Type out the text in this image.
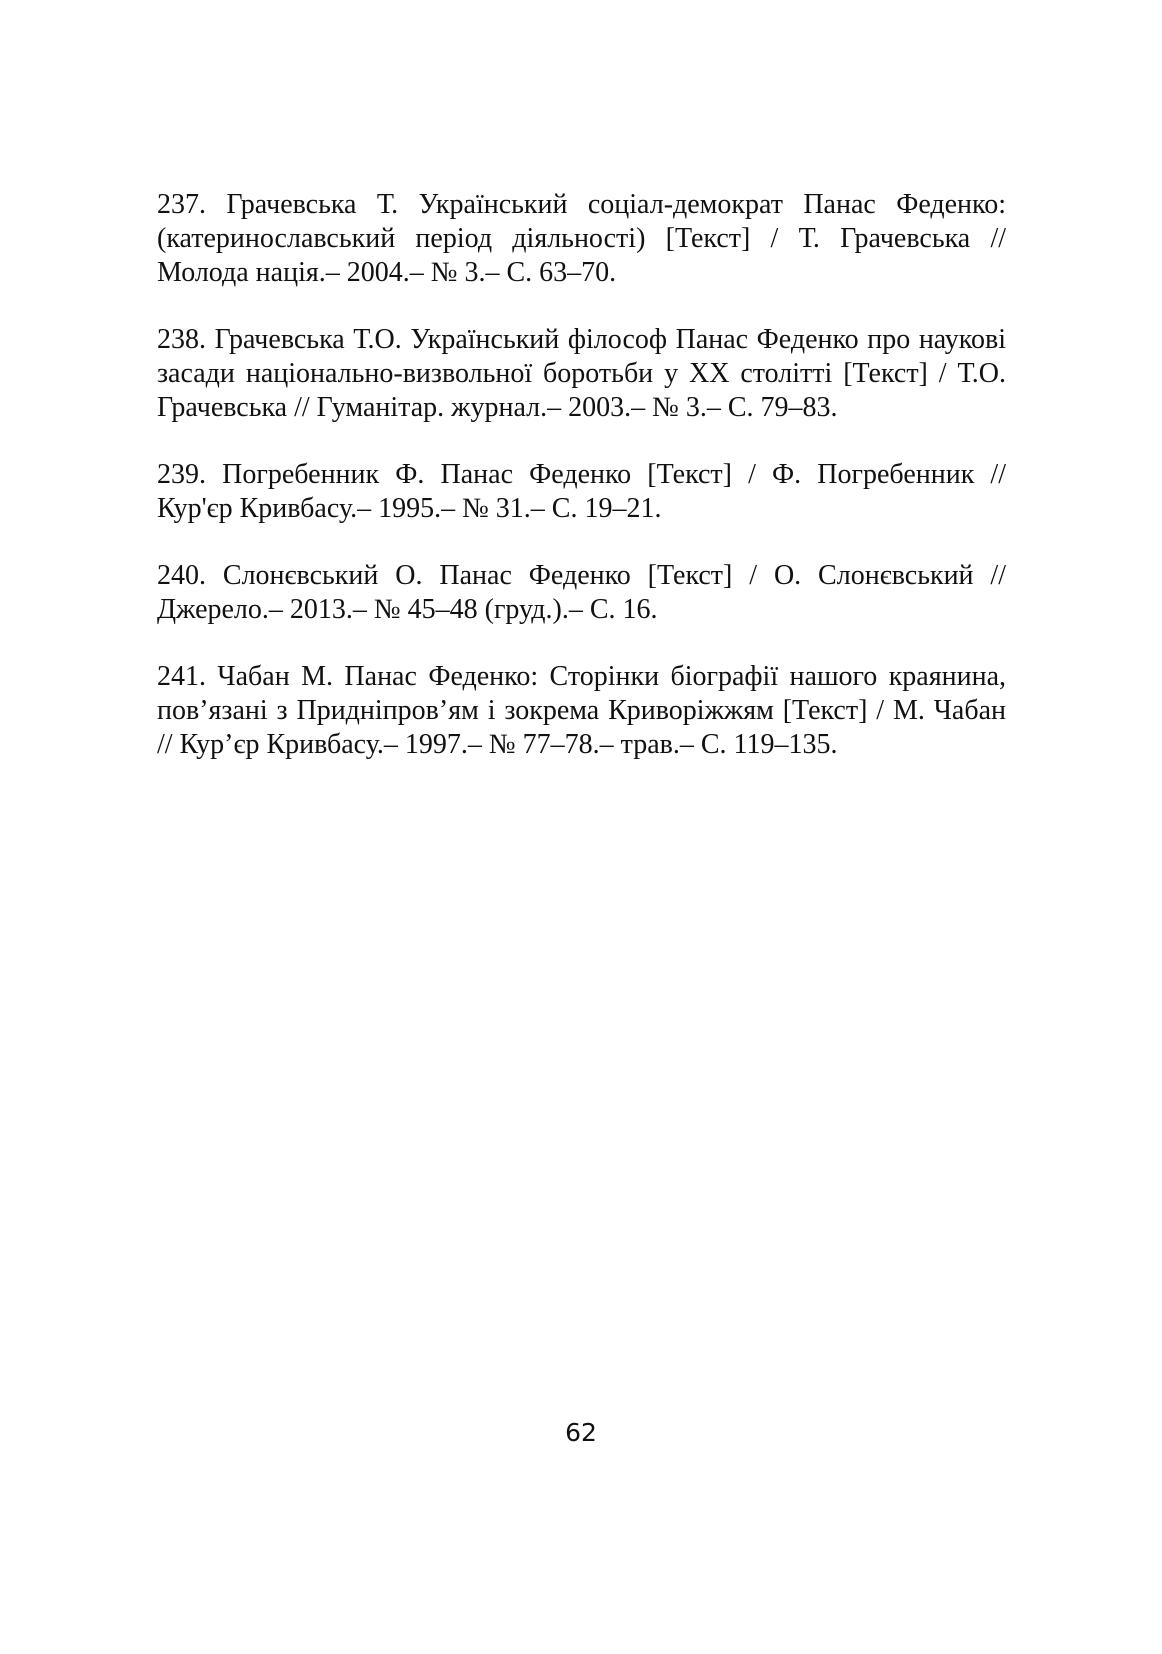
237. Грачевська Т. Український соціал-демократ Панас Феденко: (катеринославський період діяльності) [Текст] / Т. Грачевська // Молода нація.– 2004.– № 3.– С. 63–70.

238. Грачевська Т.О. Український філософ Панас Феденко про наукові засади національно-визвольної боротьби у ХХ столітті [Текст] / Т.О. Грачевська // Гуманітар. журнал.– 2003.– № 3.– С. 79–83.

239. Погребенник Ф. Панас Феденко [Текст] / Ф. Погребенник // Кур'єр Кривбасу.– 1995.– № 31.– С. 19–21.

240. Слонєвський О. Панас Феденко [Текст] / О. Слонєвський // Джерело.– 2013.– № 45–48 (груд.).– С. 16.

241. Чабан М. Панас Феденко: Сторінки біографії нашого краянина, пов’язані з Придніпров’ям і зокрема Криворіжжям [Текст] / М. Чабан // Кур’єр Кривбасу.– 1997.– № 77–78.– трав.– С. 119–135.

62
